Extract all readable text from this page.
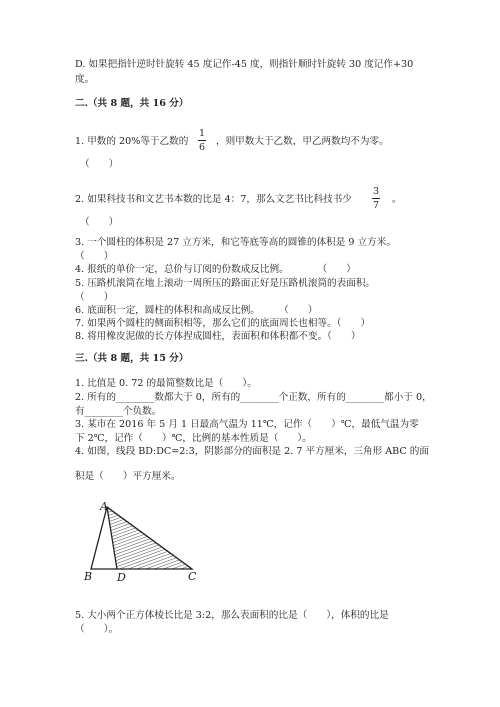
D. 如果把指针逆时针旋转 45 度记作-45 度，则指针顺时针旋转 30 度记作+30
度。
二.（共 8 题，共 16 分）
1. 甲数的 20%等于乙数的
1
6
，则甲数大于乙数，甲乙两数均不为零。
（　　）
2. 如果科技书和文艺书本数的比是 4：7，那么文艺书比科技书少
3
7
。
（　　）
3. 一个圆柱的体积是 27 立方米，和它等底等高的圆锥的体积是 9 立方米。
（　　）
4. 报纸的单价一定，总价与订阅的份数成反比例。　　　　（　　）
5. 压路机滚筒在地上滚动一周所压的路面正好是压路机滚筒的表面积。
（　　）
6. 底面积一定，圆柱的体积和高成反比例。　　　（　　）
7. 如果两个圆柱的侧面积相等，那么它们的底面周长也相等。（　　）
8. 将用橡皮泥做的长方体捏成圆柱，表面积和体积都不变。（　　）
三.（共 8 题，共 15 分）
1. 比值是 0. 72 的最简整数比是（　　）。
2. 所有的________数都大于 0，所有的________个正数，所有的________都小于 0，
有________个负数。
3. 某市在 2016 年 5 月 1 日最高气温为 11℃，记作（　　）℃，最低气温为零
下 2℃，记作（　　）℃，比例的基本性质是（　　）。
4. 如图，线段 BD:DC=2:3，阴影部分的面积是 2. 7 平方厘米，三角形 ABC 的面
积是（　　）平方厘米。
A
B D	C
5. 大小两个正方体棱长比是 3:2，那么表面积的比是（　　），体积的比是
（　　）。
